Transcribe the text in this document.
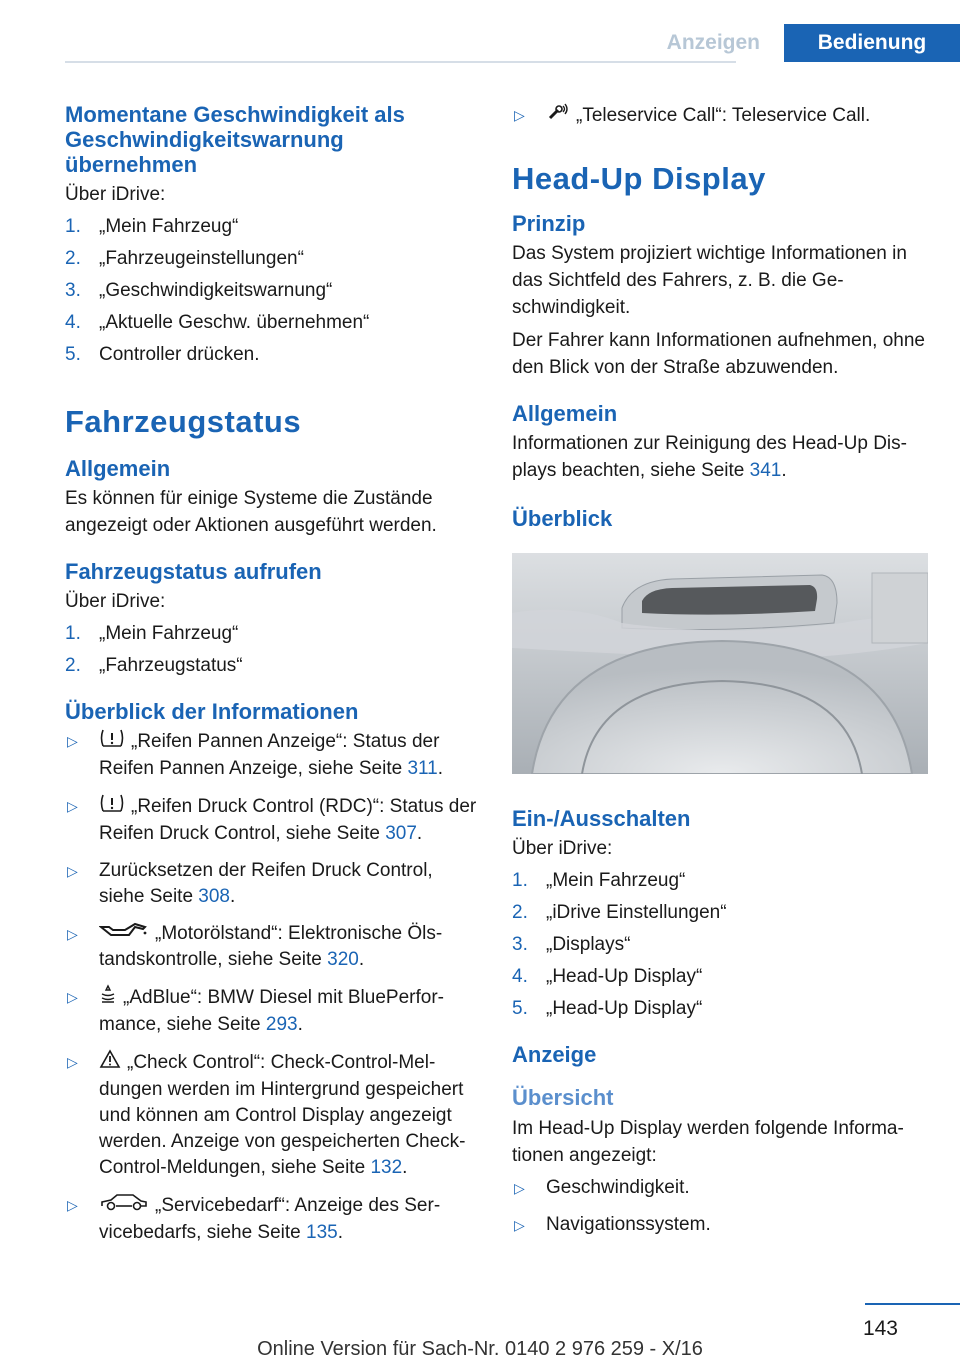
Anzeigen	Bedienung
Momentane Geschwindigkeit als Geschwindigkeitswarnung übernehmen

Über iDrive:

1. „Mein Fahrzeug“
2. „Fahrzeugeinstellungen“
3. „Geschwindigkeitswarnung“
4. „Aktuelle Geschw. übernehmen“
5. Controller drücken.
Fahrzeugstatus
Allgemein

Es können für einige Systeme die Zustände angezeigt oder Aktionen ausgeführt werden.

Fahrzeugstatus aufrufen

Über iDrive:

1. „Mein Fahrzeug“
2. „Fahrzeugstatus“
Überblick der Informationen
▷	„Reifen Pannen Anzeige“: Status der Reifen Pannen Anzeige, siehe Seite 311.
▷	„Reifen Druck Control (RDC)“: Status der Reifen Druck Control, siehe Seite 307.
▷ Zurücksetzen der Reifen Druck Control, siehe Seite 308.
▷	„Motorölstand“: Elektronische Ölstandskontrolle, siehe Seite 320.
▷ „AdBlue“: BMW Diesel mit BluePerformance, siehe Seite 293.
▷	„Check Control“: Check-Control-Meldungen werden im Hintergrund gespeichert und können am Control Display angezeigt werden. Anzeige von gespeicherten Check-Control-Meldungen, siehe Seite 132.
▷	„Servicebedarf“: Anzeige des Servicebedarfs, siehe Seite 135.
▷	„Teleservice Call“: Teleservice Call.
Head-Up Display
Prinzip

Das System projiziert wichtige Informationen in das Sichtfeld des Fahrers, z. B. die Geschwindigkeit.

Der Fahrer kann Informationen aufnehmen, ohne den Blick von der Straße abzuwenden.

Allgemein

Informationen zur Reinigung des Head-Up Displays beachten, siehe Seite 341.

Überblick
Ein-/Ausschalten

Über iDrive:

1. „Mein Fahrzeug“
2. „iDrive Einstellungen“
3. „Displays“
4. „Head-Up Display“
5. „Head-Up Display“
Anzeige
Übersicht

Im Head-Up Display werden folgende Informationen angezeigt:

▷ Geschwindigkeit.
▷ Navigationssystem.
143
Online Version für Sach-Nr. 0140 2 976 259 - X/16
